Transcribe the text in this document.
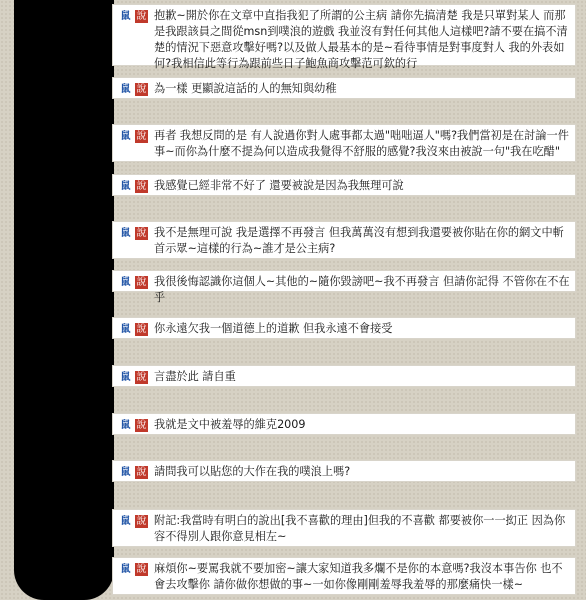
鼠 說 抱歉~開於你在文章中直指我犯了所謂的公主病 請你先搞清楚 我是只單對某人 而那是我跟該員之間從msn到噗浪的遊戲 我並沒有對任何其他人這樣吧?請不要在搞不清楚的情況下惡意攻擊好嗎?以及做人最基本的是~看待事情是對事度對人 我的外表如何?我相信此等行為跟前些日子鮑魚商攻擊范可欽的行
鼠 說 為一樣 更顯說這話的人的無知與幼稚
鼠 說 再者 我想反問的是 有人說過你對人處事都太過"咄咄逼人"嗎?我們當初是在討論一件事~而你為什麼不提為何以造成我覺得不舒服的感覺?我沒來由被說一句"我在吃醋"
鼠 說 我感覺已經非常不好了 還要被說是因為我無理可說
鼠 說 我不是無理可說 我是選擇不再發言 但我萬萬沒有想到我還要被你貼在你的網文中斬首示眾~這樣的行為~誰才是公主病?
鼠 說 我很後悔認識你這個人~其他的~隨你毀謗吧~我不再發言 但請你記得 不管你在不在乎
鼠 說 你永遠欠我一個道德上的道歉 但我永遠不會接受
鼠 說 言盡於此 請自重
鼠 說 我就是文中被羞辱的維克2009
鼠 說 請問我可以貼您的大作在我的噗浪上嗎?
鼠 說 附記:我當時有明白的說出[我不喜歡的理由]但我的不喜歡 都要被你一一抝正 因為你容不得別人跟你意見相左~
鼠 說 麻煩你~要罵我就不要加密~讓大家知道我多爛不是你的本意嗎?我沒本事告你 也不會去攻擊你 請你做你想做的事~一如你像剛剛羞辱我羞辱的那麼痛快一樣~
